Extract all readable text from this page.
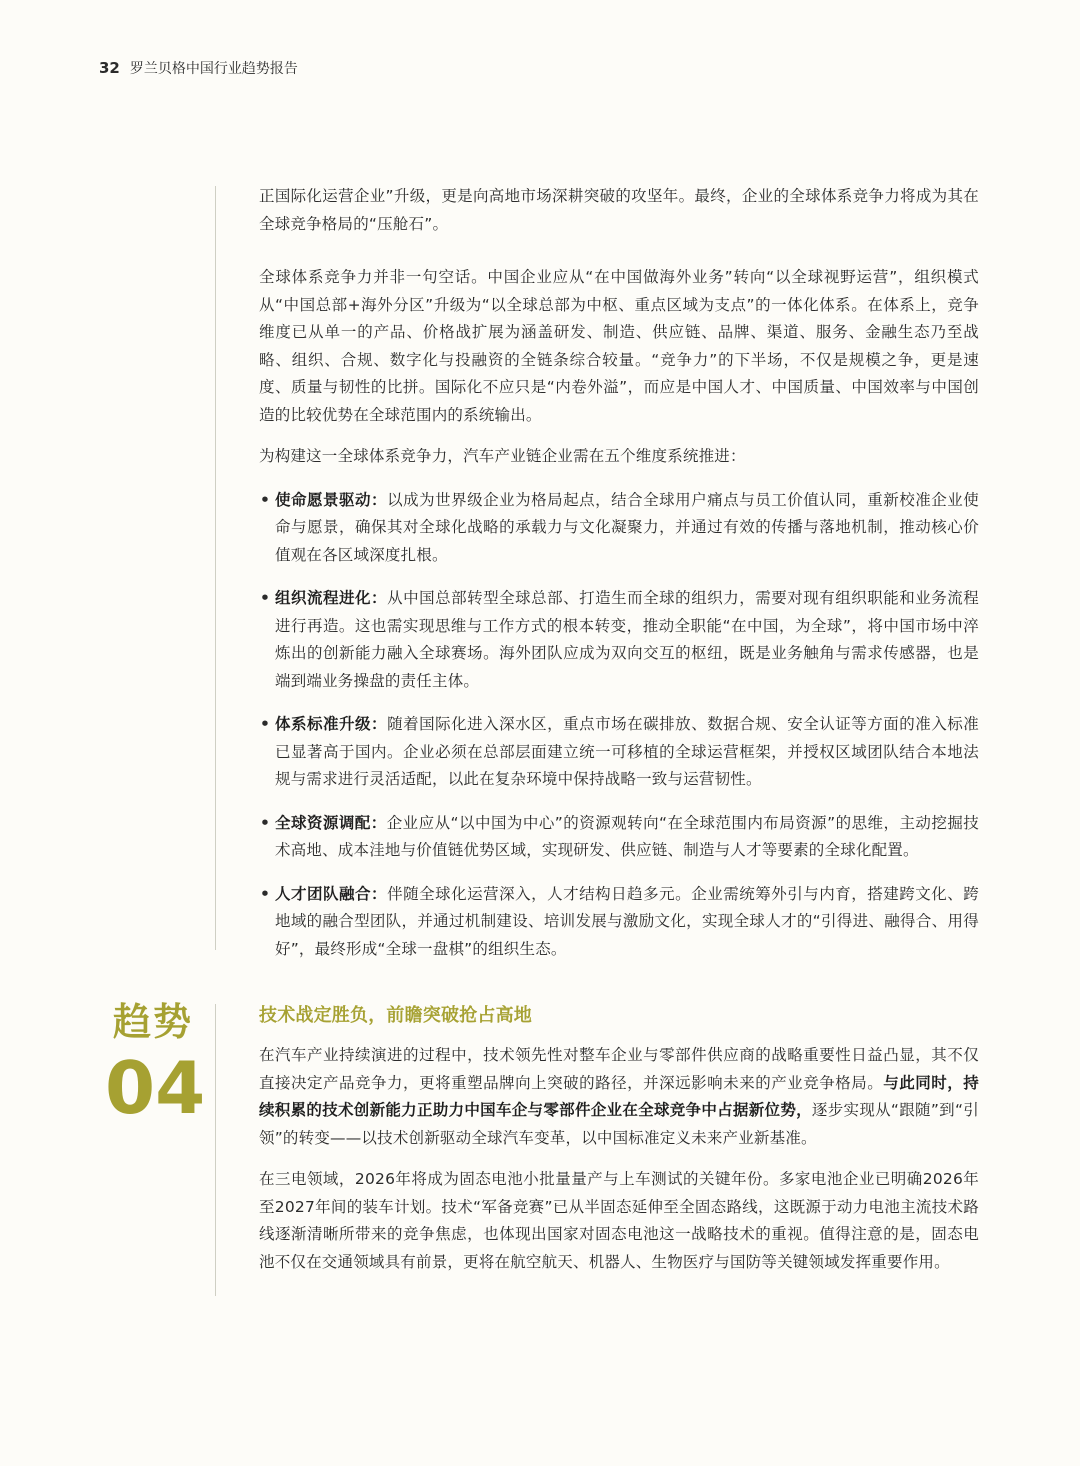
32 罗兰贝格中国行业趋势报告

正国际化运营企业”升级，更是向高地市场深耕突破的攻坚年。最终，企业的全球体系竞争力将成为其在全球竞争格局的“压舱石”。

全球体系竞争力并非一句空话。中国企业应从“在中国做海外业务”转向“以全球视野运营”，组织模式从“中国总部+海外分区”升级为“以全球总部为中枢、重点区域为支点”的一体化体系。在体系上，竞争维度已从单一的产品、价格战扩展为涵盖研发、制造、供应链、品牌、渠道、服务、金融生态乃至战略、组织、合规、数字化与投融资的全链条综合较量。“竞争力”的下半场，不仅是规模之争，更是速度、质量与韧性的比拼。国际化不应只是“内卷外溢”，而应是中国人才、中国质量、中国效率与中国创造的比较优势在全球范围内的系统输出。

为构建这一全球体系竞争力，汽车产业链企业需在五个维度系统推进：

• 使命愿景驱动：以成为世界级企业为格局起点，结合全球用户痛点与员工价值认同，重新校准企业使命与愿景，确保其对全球化战略的承载力与文化凝聚力，并通过有效的传播与落地机制，推动核心价值观在各区域深度扎根。
• 组织流程进化：从中国总部转型全球总部、打造生而全球的组织力，需要对现有组织职能和业务流程进行再造。这也需实现思维与工作方式的根本转变，推动全职能“在中国，为全球”，将中国市场中淬炼出的创新能力融入全球赛场。海外团队应成为双向交互的枢纽，既是业务触角与需求传感器，也是端到端业务操盘的责任主体。
• 体系标准升级：随着国际化进入深水区，重点市场在碳排放、数据合规、安全认证等方面的准入标准已显著高于国内。企业必须在总部层面建立统一可移植的全球运营框架，并授权区域团队结合本地法规与需求进行灵活适配，以此在复杂环境中保持战略一致与运营韧性。
• 全球资源调配：企业应从“以中国为中心”的资源观转向“在全球范围内布局资源”的思维，主动挖掘技术高地、成本洼地与价值链优势区域，实现研发、供应链、制造与人才等要素的全球化配置。
• 人才团队融合：伴随全球化运营深入，人才结构日趋多元。企业需统筹外引与内育，搭建跨文化、跨地域的融合型团队，并通过机制建设、培训发展与激励文化，实现全球人才的“引得进、融得合、用得好”，最终形成“全球一盘棋”的组织生态。
趋势
04

技术战定胜负，前瞻突破抢占高地

在汽车产业持续演进的过程中，技术领先性对整车企业与零部件供应商的战略重要性日益凸显，其不仅直接决定产品竞争力，更将重塑品牌向上突破的路径，并深远影响未来的产业竞争格局。与此同时，持续积累的技术创新能力正助力中国车企与零部件企业在全球竞争中占据新位势，逐步实现从“跟随”到“引领”的转变——以技术创新驱动全球汽车变革，以中国标准定义未来产业新基准。

在三电领域，2026年将成为固态电池小批量量产与上车测试的关键年份。多家电池企业已明确2026年至2027年间的装车计划。技术“军备竞赛”已从半固态延伸至全固态路线，这既源于动力电池主流技术路线逐渐清晰所带来的竞争焦虑，也体现出国家对固态电池这一战略技术的重视。值得注意的是，固态电池不仅在交通领域具有前景，更将在航空航天、机器人、生物医疗与国防等关键领域发挥重要作用。
